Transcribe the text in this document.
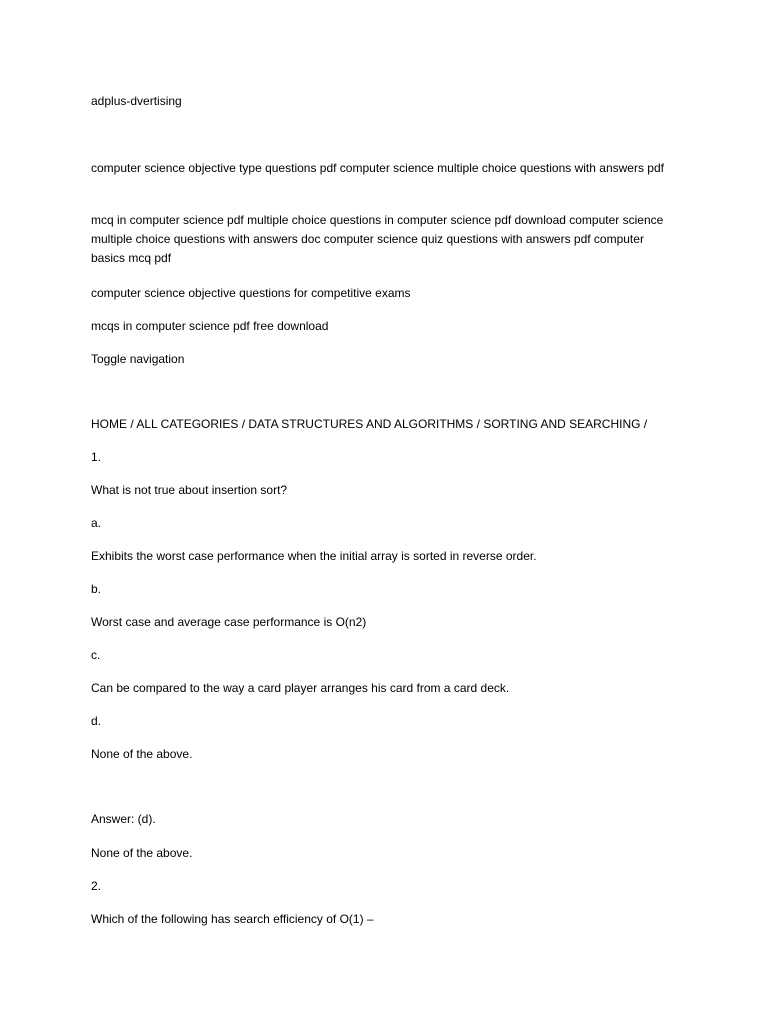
adplus-dvertising

computer science objective type questions pdf computer science multiple choice questions with answers pdf

mcq in computer science pdf multiple choice questions in computer science pdf download computer science multiple choice questions with answers doc computer science quiz questions with answers pdf computer basics mcq pdf

computer science objective questions for competitive exams

mcqs in computer science pdf free download

Toggle navigation

HOME / ALL CATEGORIES / DATA STRUCTURES AND ALGORITHMS / SORTING AND SEARCHING /

1.

What is not true about insertion sort?

a.

Exhibits the worst case performance when the initial array is sorted in reverse order.

b.

Worst case and average case performance is O(n2)

c.

Can be compared to the way a card player arranges his card from a card deck.

d.

None of the above.

Answer: (d).

None of the above.

2.

Which of the following has search efficiency of O(1) –
